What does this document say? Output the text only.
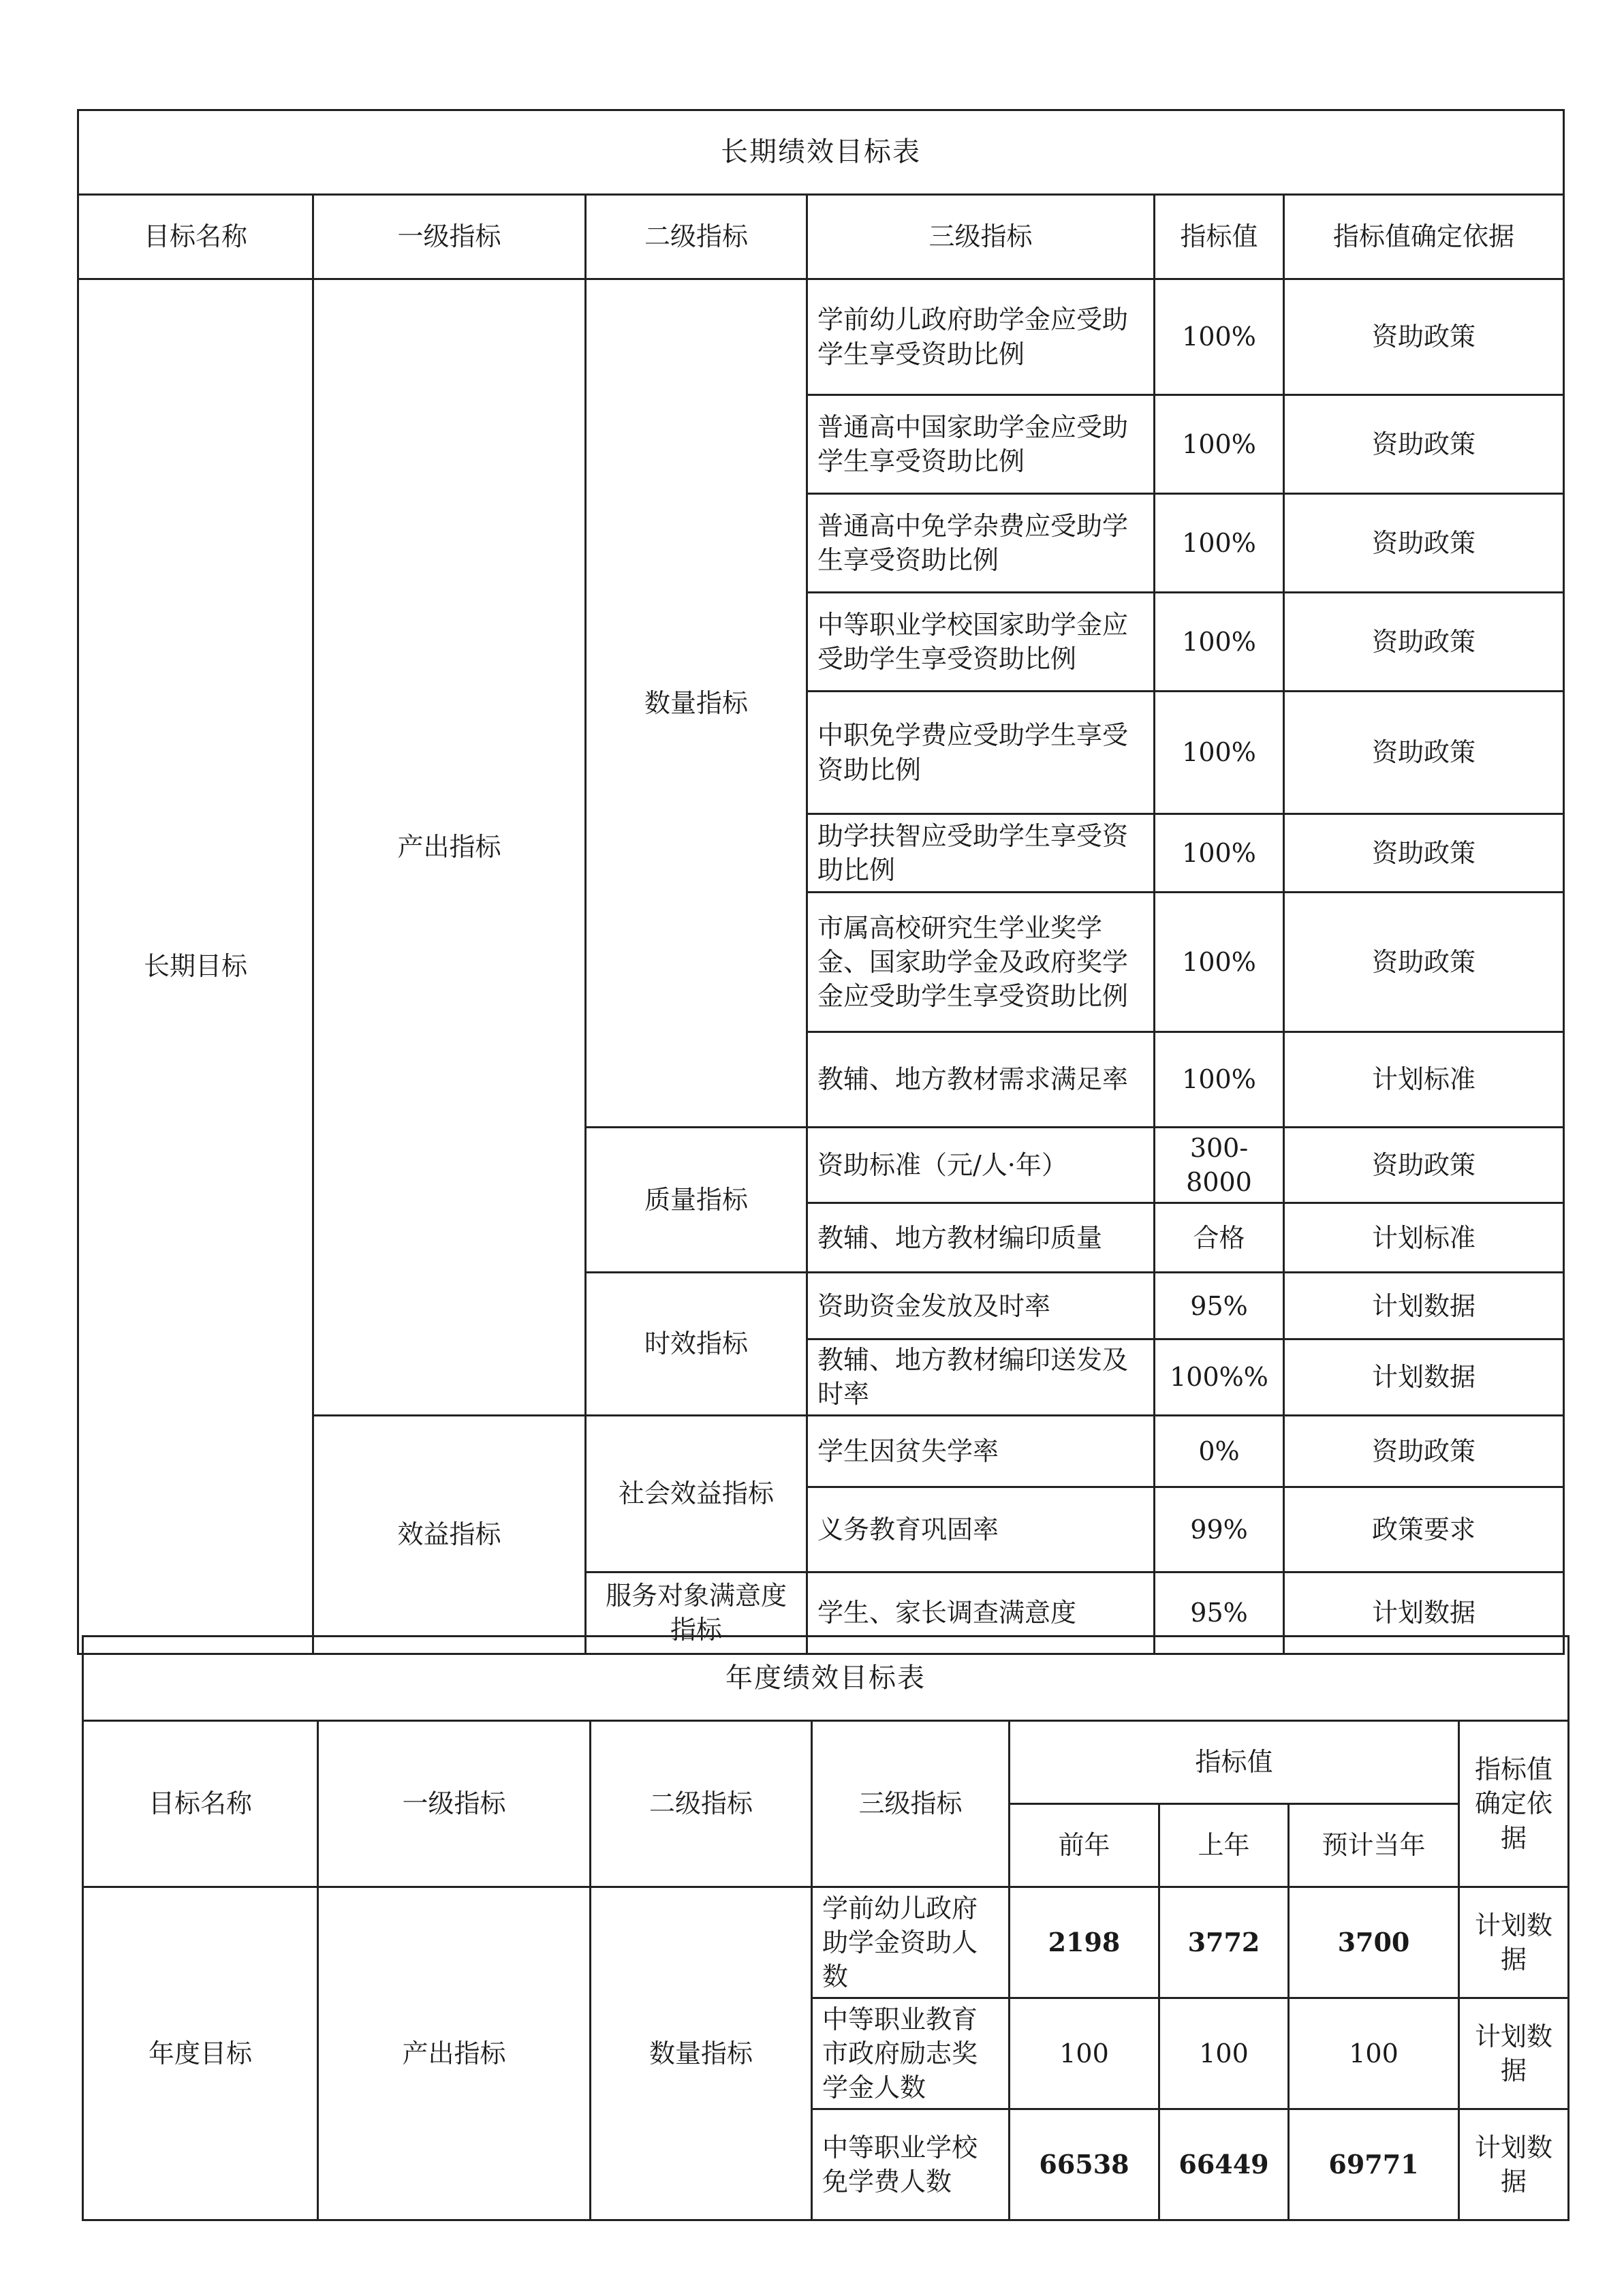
长期绩效目标表					
目标名称	一级指标	二级指标	三级指标	指标值	指标值确定依据
长期目标	产出指标	数量指标	学前幼儿政府助学金应受助学生享受资助比例	100%	资助政策
			普通高中国家助学金应受助学生享受资助比例	100%	资助政策
			普通高中免学杂费应受助学生享受资助比例	100%	资助政策
			中等职业学校国家助学金应受助学生享受资助比例	100%	资助政策
			中职免学费应受助学生享受资助比例	100%	资助政策
			助学扶智应受助学生享受资助比例	100%	资助政策
			市属高校研究生学业奖学金、国家助学金及政府奖学金应受助学生享受资助比例	100%	资助政策
			教辅、地方教材需求满足率	100%	计划标准
		质量指标	资助标准（元/人·年）	300-8000	资助政策
			教辅、地方教材编印质量	合格	计划标准
		时效指标	资助资金发放及时率	95%	计划数据
			教辅、地方教材编印送发及时率	100%%	计划数据
	效益指标	社会效益指标	学生因贫失学率	0%	资助政策
			义务教育巩固率	99%	政策要求
		服务对象满意度指标	学生、家长调查满意度	95%	计划数据
年度绩效目标表							
目标名称	一级指标	二级指标	三级指标	指标值			指标值确定依据
				前年	上年	预计当年	
年度目标	产出指标	数量指标	学前幼儿政府助学金资助人数	2198	3772	3700	计划数据
			中等职业教育市政府励志奖学金人数	100	100	100	计划数据
			中等职业学校免学费人数	66538	66449	69771	计划数据
